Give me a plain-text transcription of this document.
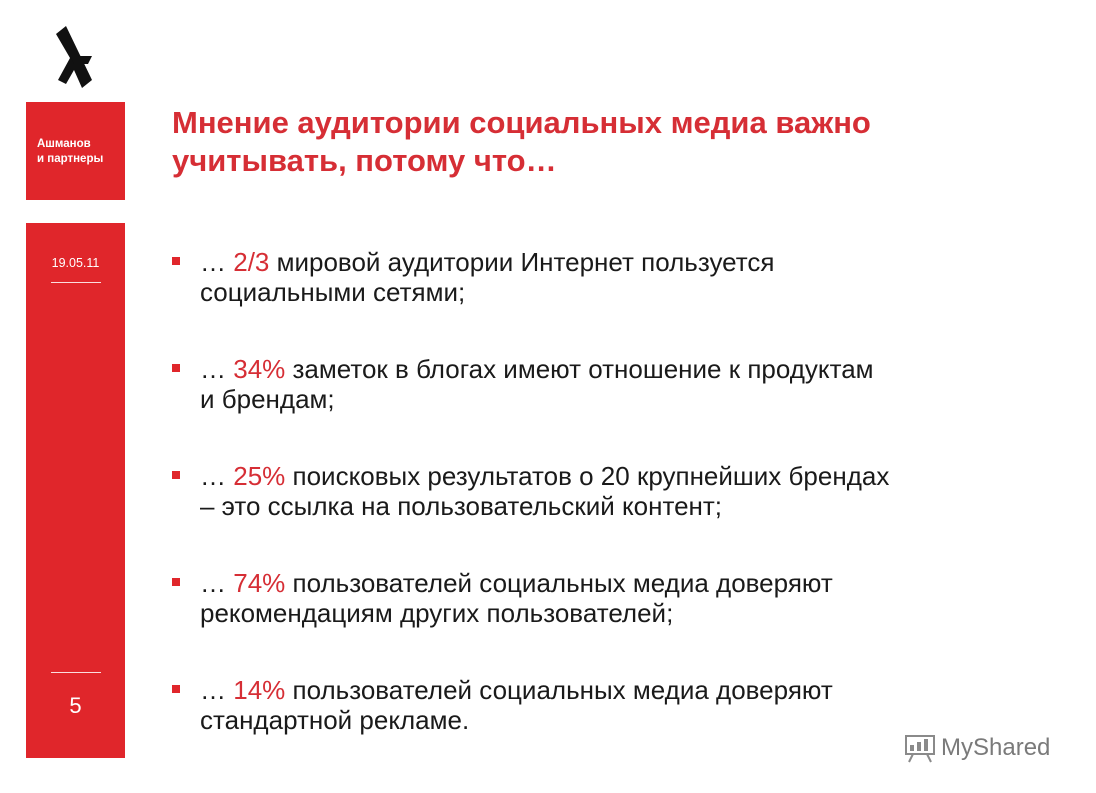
Ашманов
и партнеры
19.05.11
5
Мнение аудитории социальных медиа важно
учитывать, потому что…
… 2/3 мировой аудитории Интернет пользуется
социальными сетями;
… 34% заметок в блогах имеют отношение к продуктам
и брендам;
… 25% поисковых результатов о 20 крупнейших брендах
– это ссылка на пользовательский контент;
… 74% пользователей социальных медиа доверяют
рекомендациям других пользователей;
… 14% пользователей социальных медиа доверяют
стандартной рекламе.
MyShared
